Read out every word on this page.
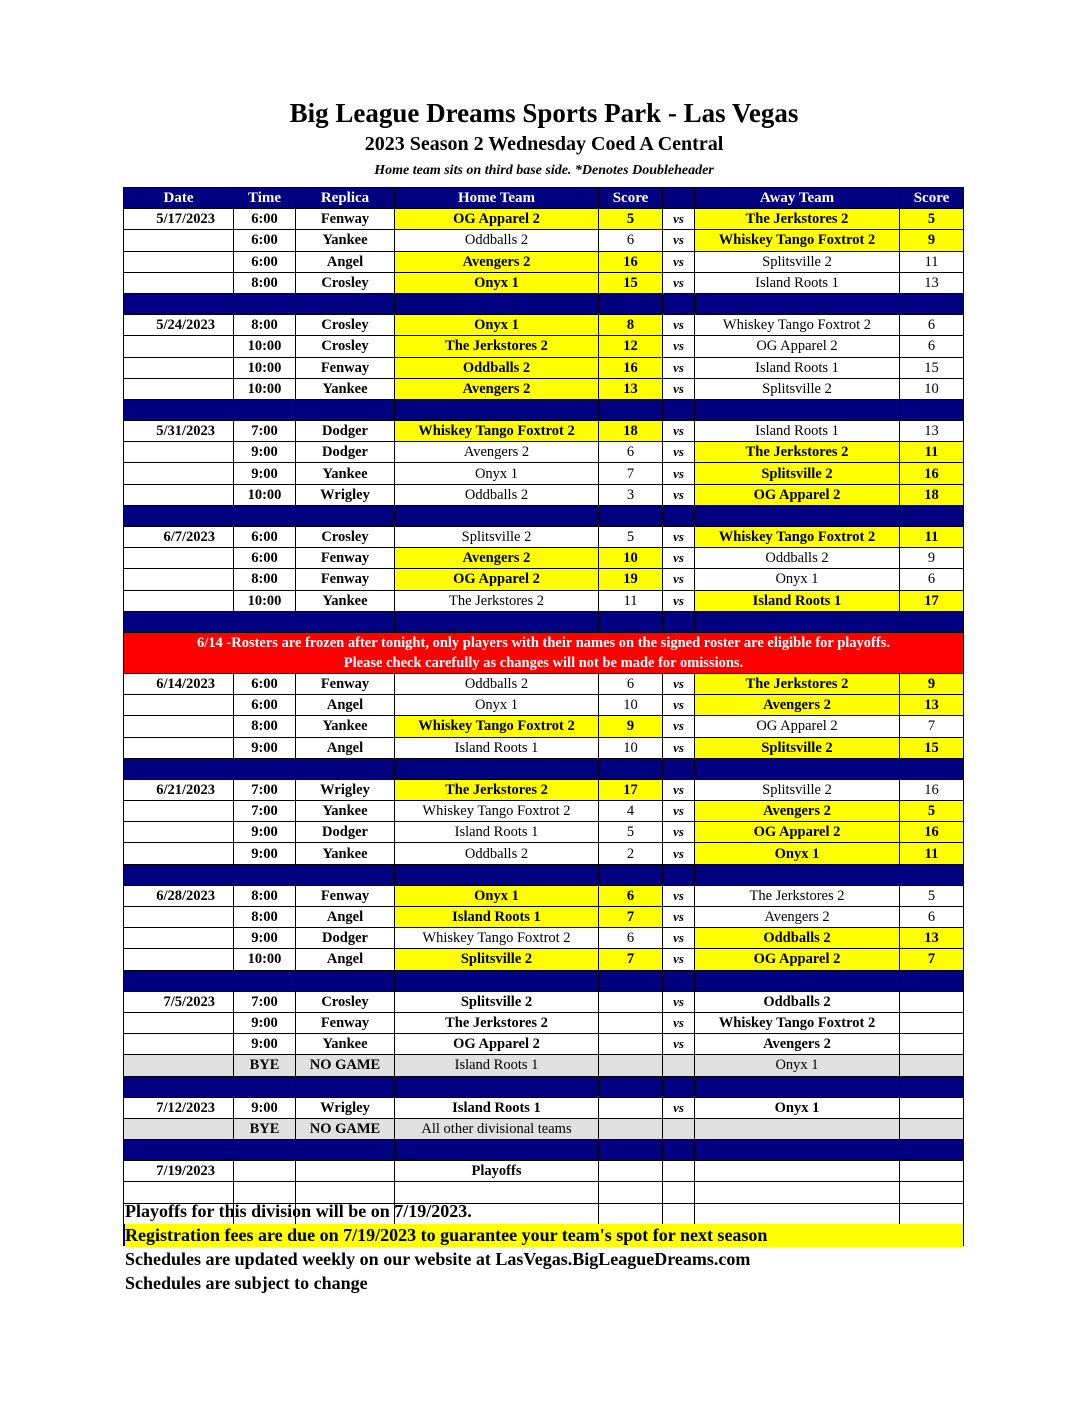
Big League Dreams Sports Park - Las Vegas
2023 Season 2 Wednesday Coed A Central
Home team sits on third base side. *Denotes Doubleheader
Date	Time	Replica	Home Team	Score		Away Team	Score
5/17/2023	6:00	Fenway	OG Apparel 2	5	vs	The Jerkstores 2	5
	6:00	Yankee	Oddballs 2	6	vs	Whiskey Tango Foxtrot 2	9
	6:00	Angel	Avengers 2	16	vs	Splitsville 2	11
	8:00	Crosley	Onyx 1	15	vs	Island Roots 1	13

5/24/2023	8:00	Crosley	Onyx 1	8	vs	Whiskey Tango Foxtrot 2	6
	10:00	Crosley	The Jerkstores 2	12	vs	OG Apparel 2	6
	10:00	Fenway	Oddballs 2	16	vs	Island Roots 1	15
	10:00	Yankee	Avengers 2	13	vs	Splitsville 2	10

5/31/2023	7:00	Dodger	Whiskey Tango Foxtrot 2	18	vs	Island Roots 1	13
	9:00	Dodger	Avengers 2	6	vs	The Jerkstores 2	11
	9:00	Yankee	Onyx 1	7	vs	Splitsville 2	16
	10:00	Wrigley	Oddballs 2	3	vs	OG Apparel 2	18

6/7/2023	6:00	Crosley	Splitsville 2	5	vs	Whiskey Tango Foxtrot 2	11
	6:00	Fenway	Avengers 2	10	vs	Oddballs 2	9
	8:00	Fenway	OG Apparel 2	19	vs	Onyx 1	6
	10:00	Yankee	The Jerkstores 2	11	vs	Island Roots 1	17

6/14 -Rosters are frozen after tonight, only players with their names on the signed roster are eligible for playoffs.
Please check carefully as changes will not be made for omissions.							

6/14/2023	6:00	Fenway	Oddballs 2	6	vs	The Jerkstores 2	9
	6:00	Angel	Onyx 1	10	vs	Avengers 2	13
	8:00	Yankee	Whiskey Tango Foxtrot 2	9	vs	OG Apparel 2	7
	9:00	Angel	Island Roots 1	10	vs	Splitsville 2	15

6/21/2023	7:00	Wrigley	The Jerkstores 2	17	vs	Splitsville 2	16
	7:00	Yankee	Whiskey Tango Foxtrot 2	4	vs	Avengers 2	5
	9:00	Dodger	Island Roots 1	5	vs	OG Apparel 2	16
	9:00	Yankee	Oddballs 2	2	vs	Onyx 1	11

6/28/2023	8:00	Fenway	Onyx 1	6	vs	The Jerkstores 2	5
	8:00	Angel	Island Roots 1	7	vs	Avengers 2	6
	9:00	Dodger	Whiskey Tango Foxtrot 2	6	vs	Oddballs 2	13
	10:00	Angel	Splitsville 2	7	vs	OG Apparel 2	7

7/5/2023	7:00	Crosley	Splitsville 2		vs	Oddballs 2	
	9:00	Fenway	The Jerkstores 2		vs	Whiskey Tango Foxtrot 2	
	9:00	Yankee	OG Apparel 2		vs	Avengers 2	
	BYE	NO GAME	Island Roots 1			Onyx 1	

7/12/2023	9:00	Wrigley	Island Roots 1		vs	Onyx 1	
	BYE	NO GAME	All other divisional teams				

7/19/2023			Playoffs				

Playoffs for this division will be on 7/19/2023.
Registration fees are due on 7/19/2023 to guarantee your team's spot for next season
Schedules are updated weekly on our website at LasVegas.BigLeagueDreams.com
Schedules are subject to change
